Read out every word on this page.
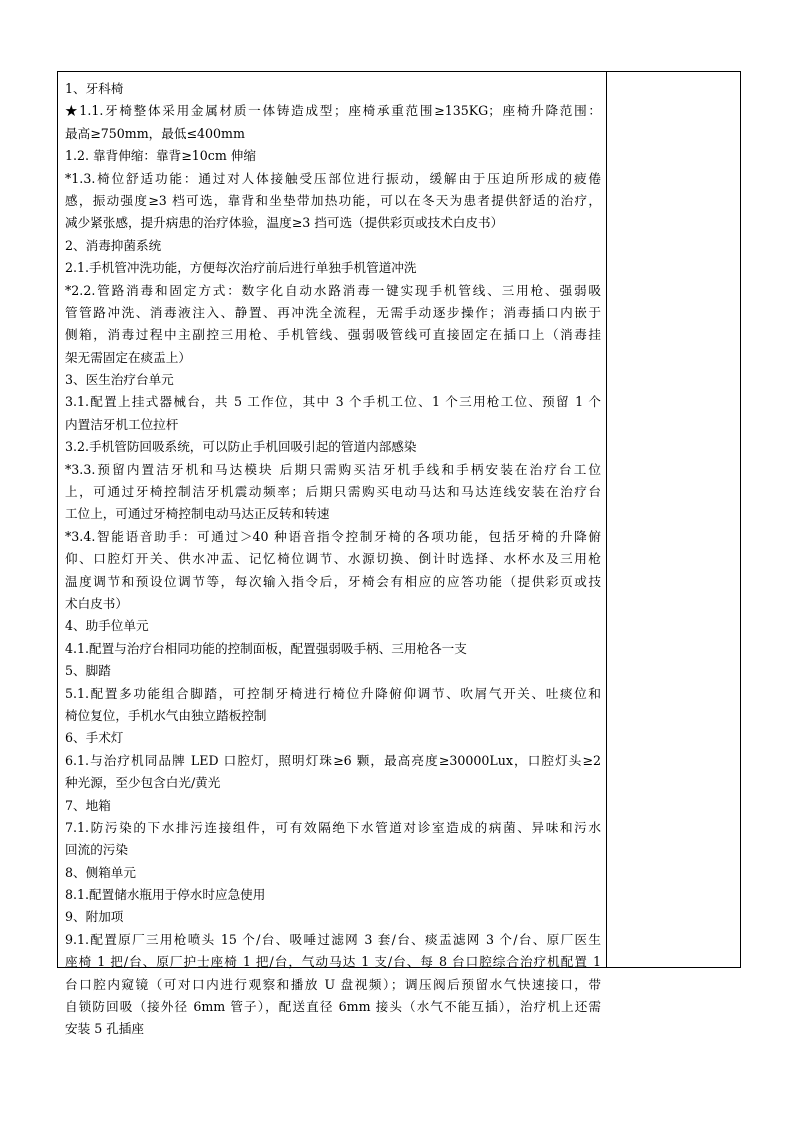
1、牙科椅
★1.1.牙椅整体采用金属材质一体铸造成型；座椅承重范围≥135KG；座椅升降范围：
最高≥750mm，最低≤400mm
1.2. 靠背伸缩：靠背≥10cm 伸缩
*1.3.椅位舒适功能：通过对人体接触受压部位进行振动，缓解由于压迫所形成的疲倦
感，振动强度≥3 档可选，靠背和坐垫带加热功能，可以在冬天为患者提供舒适的治疗，
减少紧张感，提升病患的治疗体验，温度≥3 挡可选（提供彩页或技术白皮书）
2、消毒抑菌系统
2.1.手机管冲洗功能，方便每次治疗前后进行单独手机管道冲洗
*2.2.管路消毒和固定方式：数字化自动水路消毒一键实现手机管线、三用枪、强弱吸
管管路冲洗、消毒液注入、静置、再冲洗全流程，无需手动逐步操作；消毒插口内嵌于
侧箱，消毒过程中主副控三用枪、手机管线、强弱吸管线可直接固定在插口上（消毒挂
架无需固定在痰盂上）
3、医生治疗台单元
3.1.配置上挂式器械台，共 5 工作位，其中 3 个手机工位、1 个三用枪工位、预留 1 个
内置洁牙机工位拉杆
3.2.手机管防回吸系统，可以防止手机回吸引起的管道内部感染
*3.3.预留内置洁牙机和马达模块 后期只需购买洁牙机手线和手柄安装在治疗台工位
上，可通过牙椅控制洁牙机震动频率；后期只需购买电动马达和马达连线安装在治疗台
工位上，可通过牙椅控制电动马达正反转和转速
*3.4.智能语音助手：可通过＞40 种语音指令控制牙椅的各项功能，包括牙椅的升降俯
仰、口腔灯开关、供水冲盂、记忆椅位调节、水源切换、倒计时选择、水杯水及三用枪
温度调节和预设位调节等，每次输入指令后，牙椅会有相应的应答功能（提供彩页或技
术白皮书）
4、助手位单元
4.1.配置与治疗台相同功能的控制面板，配置强弱吸手柄、三用枪各一支
5、脚踏
5.1.配置多功能组合脚踏，可控制牙椅进行椅位升降俯仰调节、吹屑气开关、吐痰位和
椅位复位，手机水气由独立踏板控制
6、手术灯
6.1.与治疗机同品牌 LED 口腔灯，照明灯珠≥6 颗，最高亮度≥30000Lux，口腔灯头≥2
种光源，至少包含白光/黄光
7、地箱
7.1.防污染的下水排污连接组件，可有效隔绝下水管道对诊室造成的病菌、异味和污水
回流的污染
8、侧箱单元
8.1.配置储水瓶用于停水时应急使用
9、附加项
9.1.配置原厂三用枪喷头 15 个/台、吸唾过滤网 3 套/台、痰盂滤网 3 个/台、原厂医生
座椅 1 把/台、原厂护士座椅 1 把/台，气动马达 1 支/台、每 8 台口腔综合治疗机配置 1
台口腔内窥镜（可对口内进行观察和播放 U 盘视频）；调压阀后预留水气快速接口，带
自锁防回吸（接外径 6mm 管子），配送直径 6mm 接头（水气不能互插），治疗机上还需
安装 5 孔插座
